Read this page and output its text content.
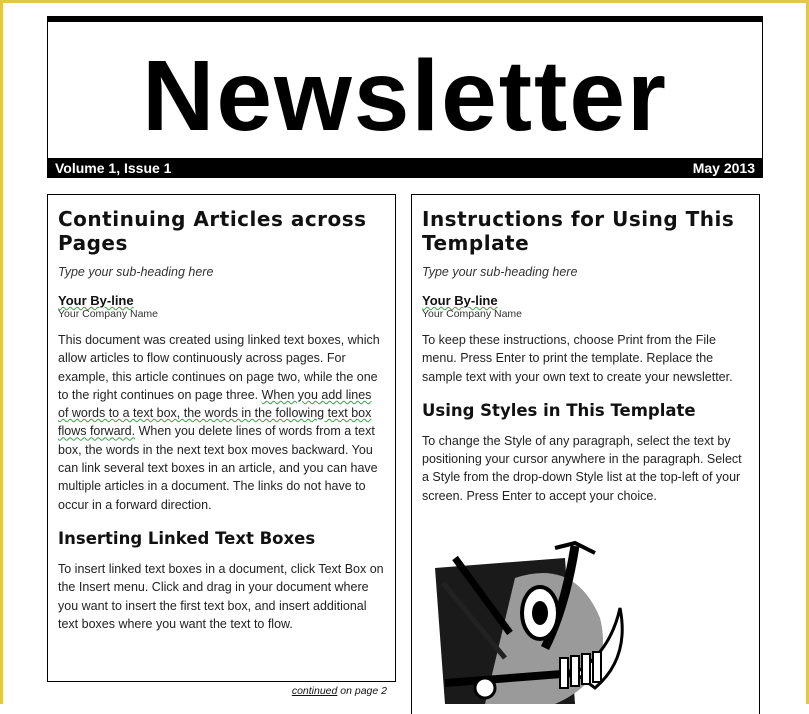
Newsletter
Volume 1, Issue 1	May 2013
Continuing Articles across Pages
Type your sub-heading here
Your By-line
Your Company Name

This document was created using linked text boxes, which allow articles to flow continuously across pages. For example, this article continues on page two, while the one to the right continues on page three. When you add lines of words to a text box, the words in the following text box flows forward. When you delete lines of words from a text box, the words in the next text box moves backward. You can link several text boxes in an article, and you can have multiple articles in a document. The links do not have to occur in a forward direction.

Inserting Linked Text Boxes

To insert linked text boxes in a document, click Text Box on the Insert menu. Click and drag in your document where you want to insert the first text box, and insert additional text boxes where you want the text to flow.

continued on page 2
Instructions for Using This Template
Type your sub-heading here
Your By-line
Your Company Name

To keep these instructions, choose Print from the File menu. Press Enter to print the template. Replace the sample text with your own text to create your newsletter.

Using Styles in This Template

To change the Style of any paragraph, select the text by positioning your cursor anywhere in the paragraph. Select a Style from the drop-down Style list at the top-left of your screen. Press Enter to accept your choice.
